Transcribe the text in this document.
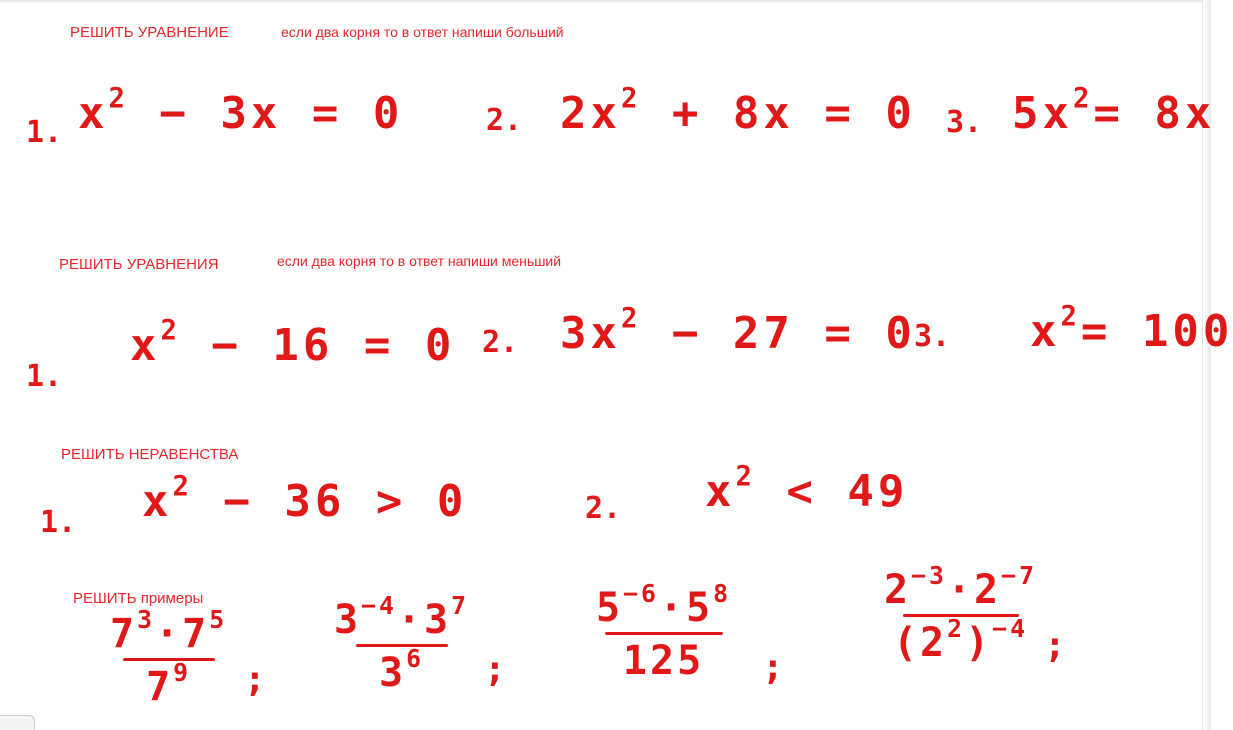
РЕШИТЬ УРАВНЕНИЕ	если два корня то в ответ напиши больший
1. $x^2 - 3x = 0$	2. $2x^2 + 8x = 0$ 3. $5x^2= 8x$
РЕШИТЬ УРАВНЕНИЯ	если два корня то в ответ напиши меньший
1.
$x^2 - 16 = 0$ 2. $3x^2 - 27 = 0$
3. $x^2= 100$
РЕШИТЬ НЕРАВЕНСТВА
1. $x^2 - 36 > 0$	2. $x^2 < 49$
РЕШИТЬ примеры
$7^3\cdot 7^5$
$7^9$ ;
$3^{-4}\cdot 3^7$
$3^6$ ;
$5^{-6}\cdot 5^8$
125 ;
$2^{-3}\cdot 2^{-7}$
$(2^2)^{-4}$ ;
